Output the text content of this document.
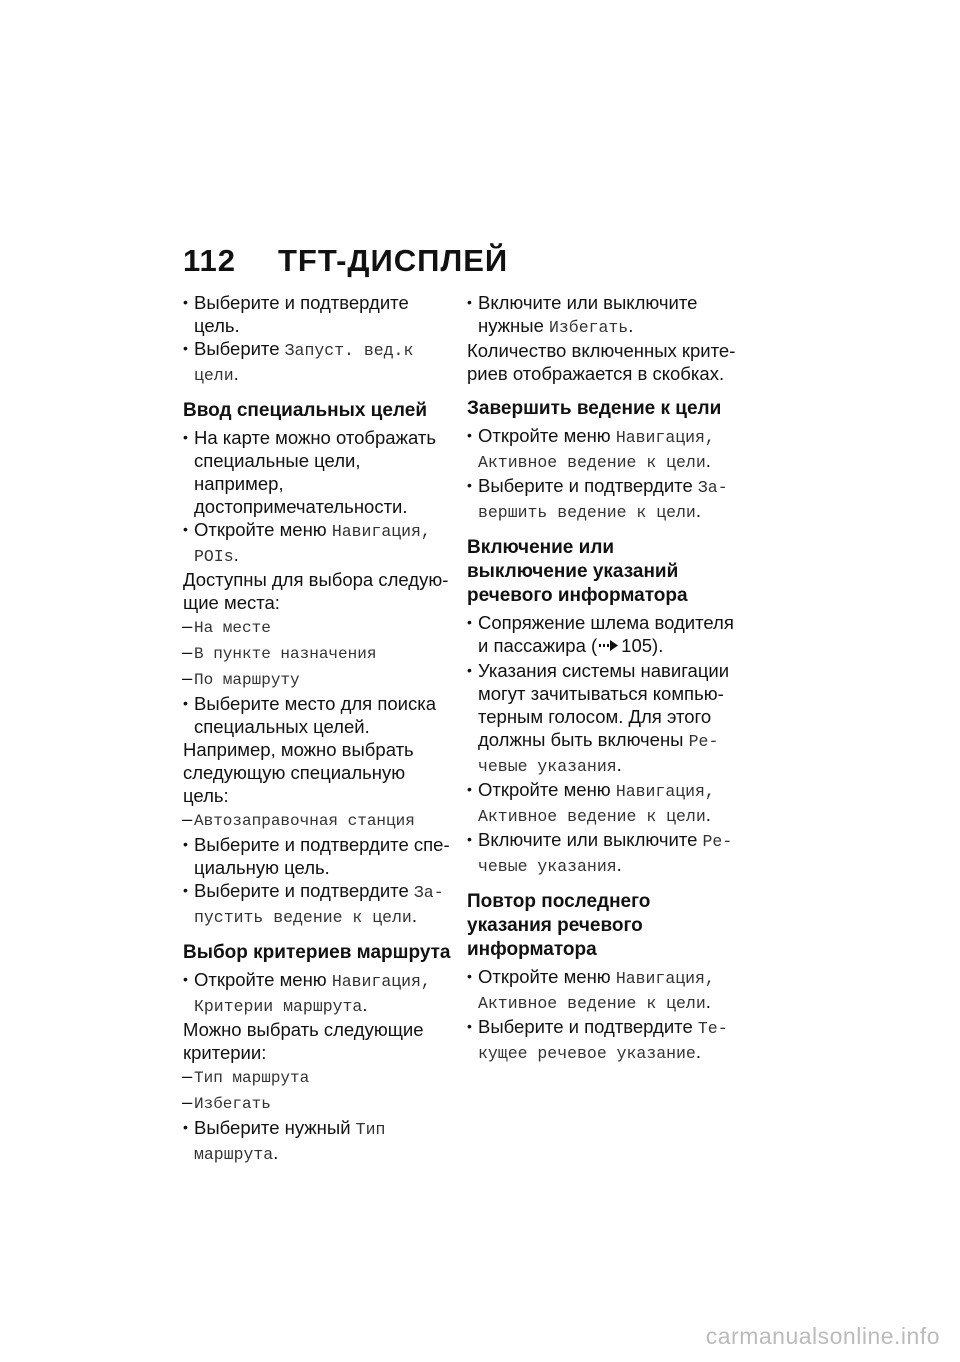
112 TFT-ДИСПЛЕЙ
• Выберите и подтвердите цель.
• Выберите Запуст. вед.к цели.
Ввод специальных целей
• На карте можно отображать специальные цели, например, достопримечательности.
• Откройте меню Навигация, POIs.
Доступны для выбора следующие места:
– На месте
– В пункте назначения
– По маршруту
• Выберите место для поиска специальных целей.
Например, можно выбрать следующую специальную цель:
– Автозаправочная станция
• Выберите и подтвердите специальную цель.
• Выберите и подтвердите Запустить ведение к цели.
Выбор критериев маршрута
• Откройте меню Навигация, Критерии маршрута.
Можно выбрать следующие критерии:
– Тип маршрута
– Избегать
• Выберите нужный Тип маршрута.
• Включите или выключите нужные Избегать.
Количество включенных критериев отображается в скобках.
Завершить ведение к цели
• Откройте меню Навигация, Активное ведение к цели.
• Выберите и подтвердите Завершить ведение к цели.
Включение или выключение указаний речевого информатора
• Сопряжение шлема водителя и пассажира ( 105).
• Указания системы навигации могут зачитываться компьютерным голосом. Для этого должны быть включены Речевые указания.
• Откройте меню Навигация, Активное ведение к цели.
• Включите или выключите Речевые указания.
Повтор последнего указания речевого информатора
• Откройте меню Навигация, Активное ведение к цели.
• Выберите и подтвердите Текущее речевое указание.
carmanualsonline.info
